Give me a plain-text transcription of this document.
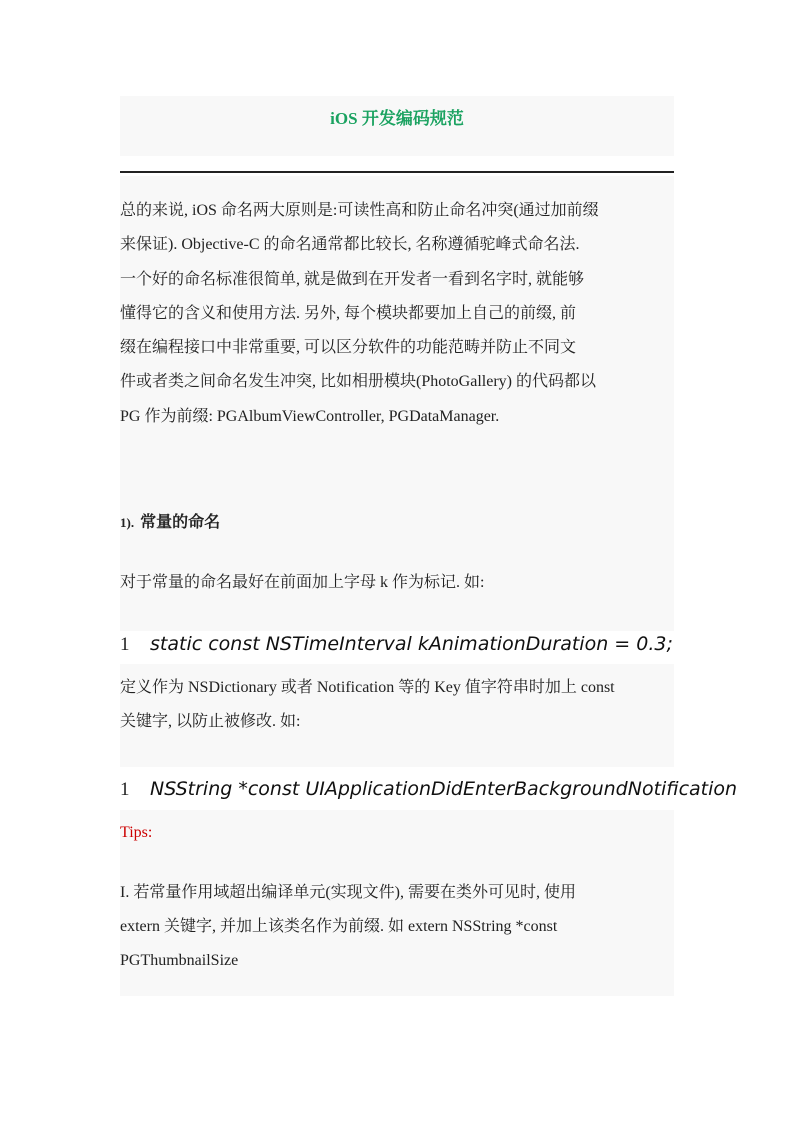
iOS 开发编码规范
总的来说, iOS 命名两大原则是:可读性高和防止命名冲突(通过加前缀
来保证). Objective-C 的命名通常都比较长, 名称遵循驼峰式命名法.
一个好的命名标准很简单, 就是做到在开发者一看到名字时, 就能够
懂得它的含义和使用方法. 另外, 每个模块都要加上自己的前缀, 前
缀在编程接口中非常重要, 可以区分软件的功能范畴并防止不同文
件或者类之间命名发生冲突, 比如相册模块(PhotoGallery) 的代码都以
PG 作为前缀: PGAlbumViewController, PGDataManager.
1). 常量的命名
对于常量的命名最好在前面加上字母 k 作为标记. 如:
1 static const NSTimeInterval kAnimationDuration = 0.3;
定义作为 NSDictionary 或者 Notification 等的 Key 值字符串时加上 const
关键字, 以防止被修改. 如:
1 NSString *const UIApplicationDidEnterBackgroundNotification
Tips:
I. 若常量作用域超出编译单元(实现文件), 需要在类外可见时, 使用
extern 关键字, 并加上该类名作为前缀. 如 extern NSString *const
PGThumbnailSize
